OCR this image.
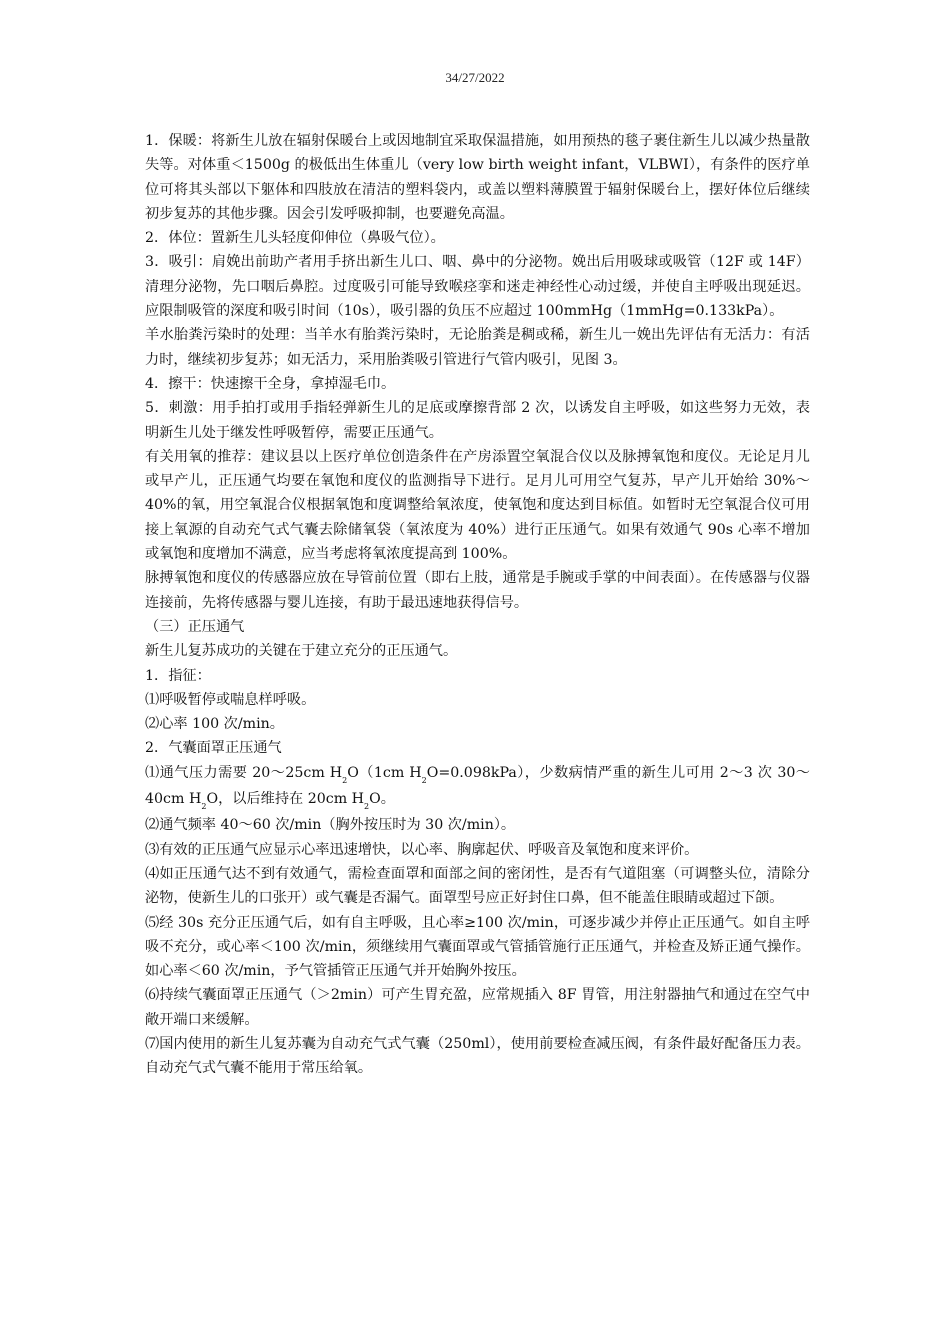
34/27/2022

1．保暖：将新生儿放在辐射保暖台上或因地制宜采取保温措施，如用预热的毯子裹住新生儿以减少热量散失等。对体重＜1500g 的极低出生体重儿（very low birth weight infant，VLBWI），有条件的医疗单位可将其头部以下躯体和四肢放在清洁的塑料袋内，或盖以塑料薄膜置于辐射保暖台上，摆好体位后继续初步复苏的其他步骤。因会引发呼吸抑制，也要避免高温。

2．体位：置新生儿头轻度仰伸位（鼻吸气位）。

3．吸引：肩娩出前助产者用手挤出新生儿口、咽、鼻中的分泌物。娩出后用吸球或吸管（12F 或 14F）清理分泌物，先口咽后鼻腔。过度吸引可能导致喉痉挛和迷走神经性心动过缓，并使自主呼吸出现延迟。应限制吸管的深度和吸引时间（10s），吸引器的负压不应超过 100mmHg（1mmHg=0.133kPa）。

羊水胎粪污染时的处理：当羊水有胎粪污染时，无论胎粪是稠或稀，新生儿一娩出先评估有无活力：有活力时，继续初步复苏；如无活力，采用胎粪吸引管进行气管内吸引，见图 3。

4．擦干：快速擦干全身，拿掉湿毛巾。

5．刺激：用手拍打或用手指轻弹新生儿的足底或摩擦背部 2 次，以诱发自主呼吸，如这些努力无效，表明新生儿处于继发性呼吸暂停，需要正压通气。

有关用氧的推荐：建议县以上医疗单位创造条件在产房添置空氧混合仪以及脉搏氧饱和度仪。无论足月儿或早产儿，正压通气均要在氧饱和度仪的监测指导下进行。足月儿可用空气复苏，早产儿开始给 30%～40%的氧，用空氧混合仪根据氧饱和度调整给氧浓度，使氧饱和度达到目标值。如暂时无空氧混合仪可用接上氧源的自动充气式气囊去除储氧袋（氧浓度为 40%）进行正压通气。如果有效通气 90s 心率不增加或氧饱和度增加不满意，应当考虑将氧浓度提高到 100%。

脉搏氧饱和度仪的传感器应放在导管前位置（即右上肢，通常是手腕或手掌的中间表面）。在传感器与仪器连接前，先将传感器与婴儿连接，有助于最迅速地获得信号。

（三）正压通气

新生儿复苏成功的关键在于建立充分的正压通气。

1．指征：

⑴呼吸暂停或喘息样呼吸。

⑵心率 100 次/min。

2．气囊面罩正压通气

⑴通气压力需要 20～25cm $H_2O(1cm$ $H_2O=0.098kPa$），少数病情严重的新生儿可用 2～3 次 30～40cm $H_2O$，以后维持在 20cm $H_2O$。

⑵通气频率 40～60 次/min（胸外按压时为 30 次/min）。

⑶有效的正压通气应显示心率迅速增快，以心率、胸廓起伏、呼吸音及氧饱和度来评价。

⑷如正压通气达不到有效通气，需检查面罩和面部之间的密闭性，是否有气道阻塞（可调整头位，清除分泌物，使新生儿的口张开）或气囊是否漏气。面罩型号应正好封住口鼻，但不能盖住眼睛或超过下颌。

⑸经 30s 充分正压通气后，如有自主呼吸，且心率≥100 次/min，可逐步减少并停止正压通气。如自主呼吸不充分，或心率＜100 次/min，须继续用气囊面罩或气管插管施行正压通气，并检查及矫正通气操作。如心率＜60 次/min，予气管插管正压通气并开始胸外按压。

⑹持续气囊面罩正压通气（＞2min）可产生胃充盈，应常规插入 8F 胃管，用注射器抽气和通过在空气中敞开端口来缓解。

⑺国内使用的新生儿复苏囊为自动充气式气囊（250ml），使用前要检查减压阀，有条件最好配备压力表。自动充气式气囊不能用于常压给氧。
